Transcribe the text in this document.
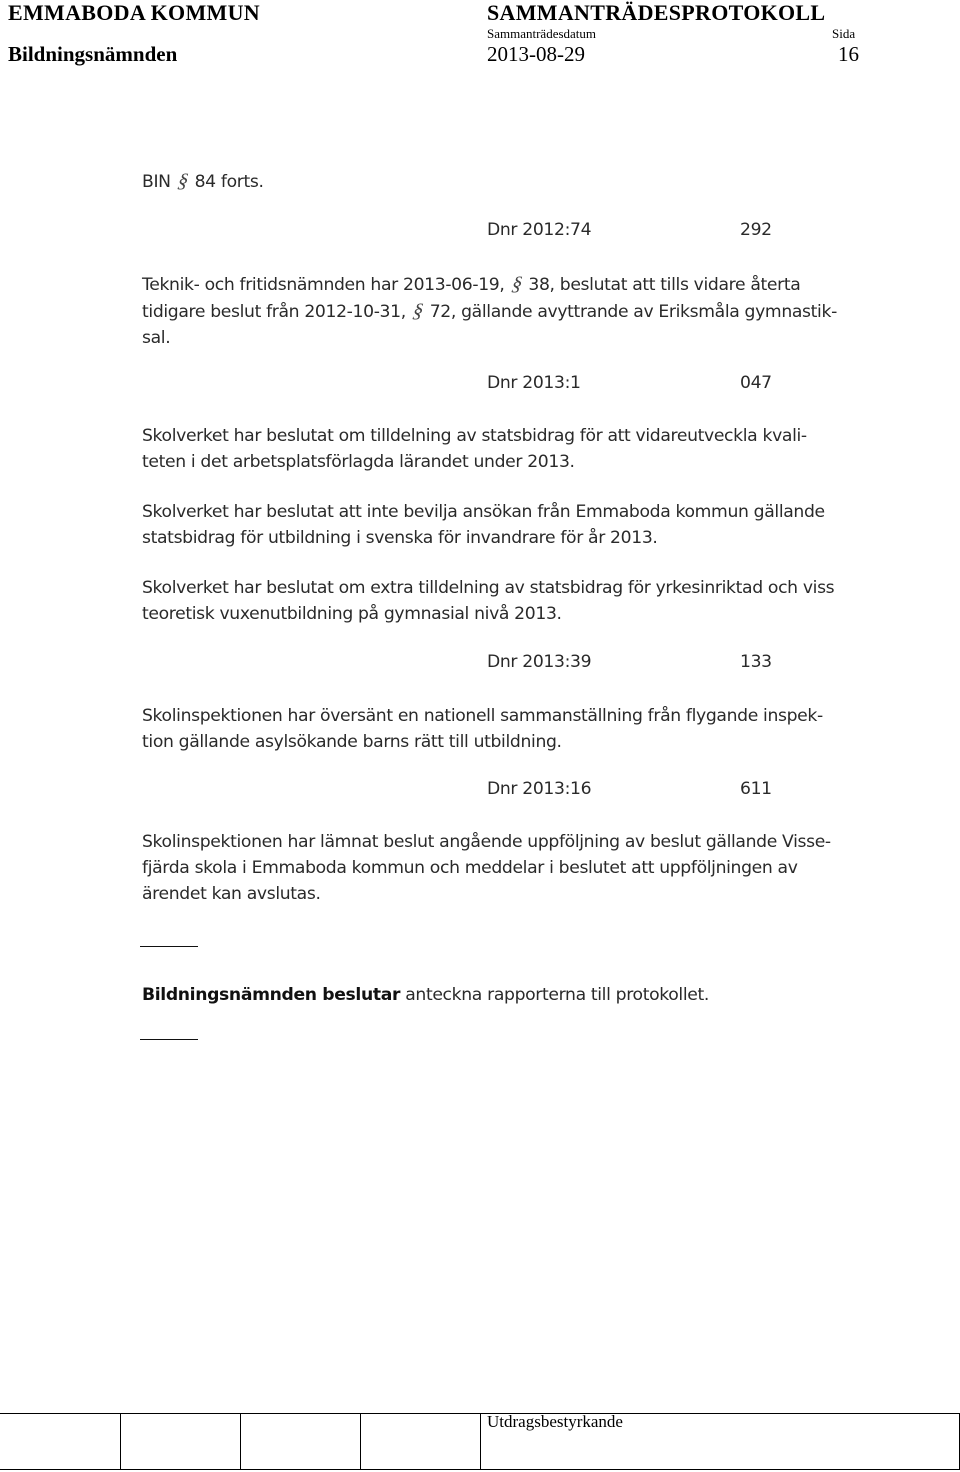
EMMABODA KOMMUN	SAMMANTRÄDESPROTOKOLL
Sammanträdesdatum	Sida
Bildningsnämnden	2013-08-29	16
BIN § 84 forts.
Dnr 2012:74	292
Teknik- och fritidsnämnden har 2013-06-19, § 38, beslutat att tills vidare återta
tidigare beslut från 2012-10-31, § 72, gällande avyttrande av Eriksmåla gymnastik-
sal.
Dnr 2013:1	047
Skolverket har beslutat om tilldelning av statsbidrag för att vidareutveckla kvali-
teten i det arbetsplatsförlagda lärandet under 2013.
Skolverket har beslutat att inte bevilja ansökan från Emmaboda kommun gällande
statsbidrag för utbildning i svenska för invandrare för år 2013.
Skolverket har beslutat om extra tilldelning av statsbidrag för yrkesinriktad och viss
teoretisk vuxenutbildning på gymnasial nivå 2013.
Dnr 2013:39	133
Skolinspektionen har översänt en nationell sammanställning från flygande inspek-
tion gällande asylsökande barns rätt till utbildning.
Dnr 2013:16	611
Skolinspektionen har lämnat beslut angående uppföljning av beslut gällande Visse-
fjärda skola i Emmaboda kommun och meddelar i beslutet att uppföljningen av
ärendet kan avslutas.
Bildningsnämnden beslutar anteckna rapporterna till protokollet.
Utdragsbestyrkande
